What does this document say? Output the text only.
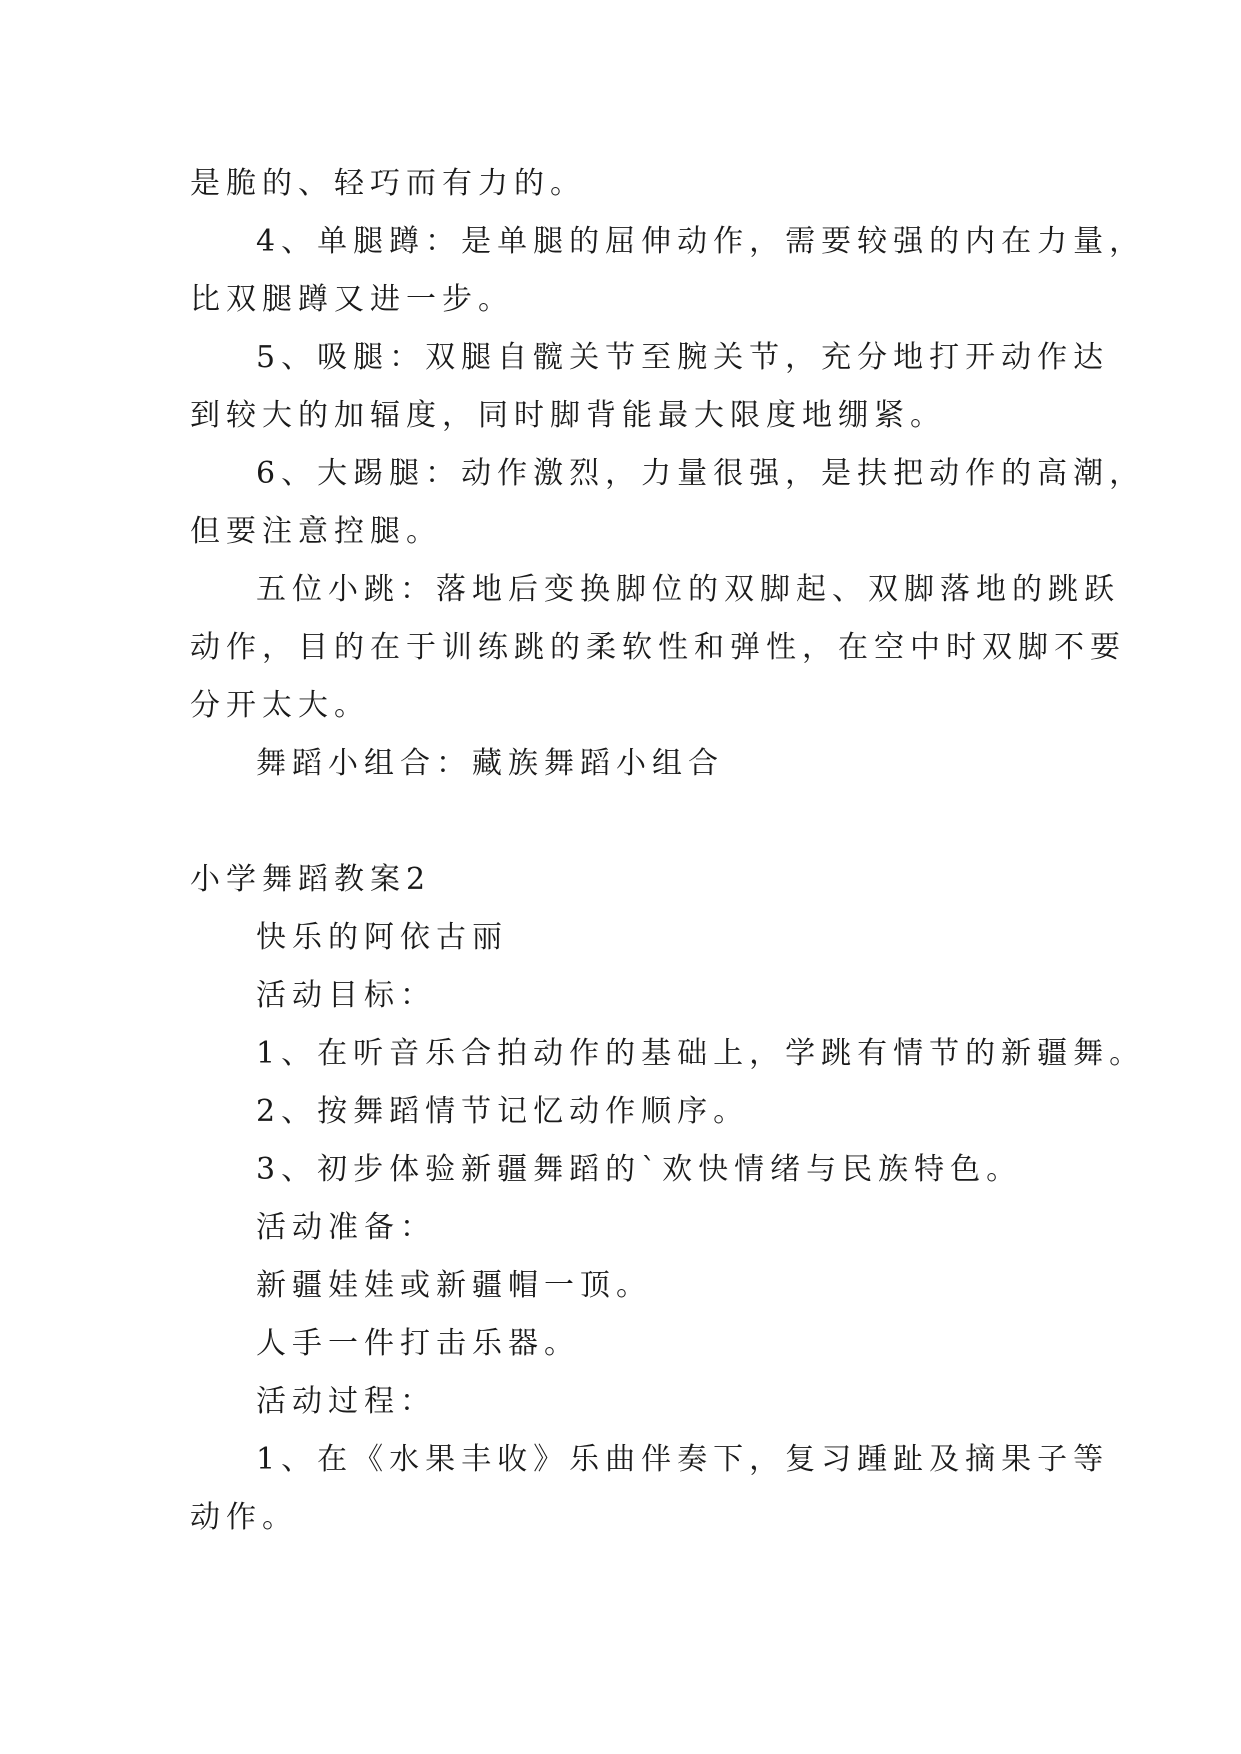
是脆的、轻巧而有力的。
4、单腿蹲：是单腿的屈伸动作，需要较强的内在力量，
比双腿蹲又进一步。
5、吸腿：双腿自髋关节至腕关节，充分地打开动作达
到较大的加辐度，同时脚背能最大限度地绷紧。
6、大踢腿：动作激烈，力量很强，是扶把动作的高潮，
但要注意控腿。
五位小跳：落地后变换脚位的双脚起、双脚落地的跳跃
动作，目的在于训练跳的柔软性和弹性，在空中时双脚不要
分开太大。
舞蹈小组合：藏族舞蹈小组合
小学舞蹈教案2
快乐的阿依古丽
活动目标：
1、在听音乐合拍动作的基础上，学跳有情节的新疆舞。
2、按舞蹈情节记忆动作顺序。
3、初步体验新疆舞蹈的`欢快情绪与民族特色。
活动准备：
新疆娃娃或新疆帽一顶。
人手一件打击乐器。
活动过程：
1、在《水果丰收》乐曲伴奏下，复习踵趾及摘果子等
动作。
